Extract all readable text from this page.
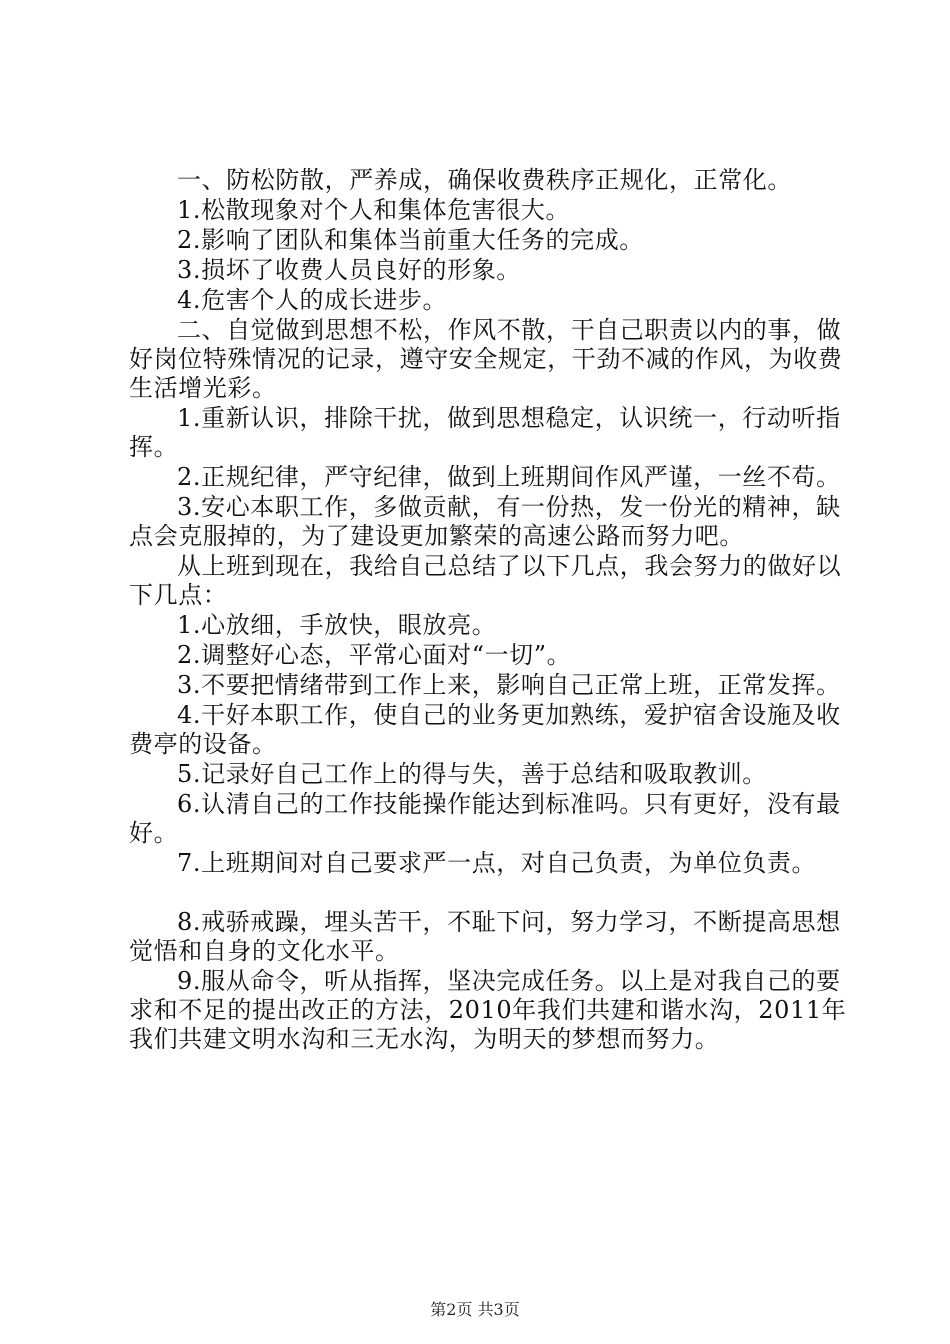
一、防松防散，严养成，确保收费秩序正规化，正常化。

1.松散现象对个人和集体危害很大。

2.影响了团队和集体当前重大任务的完成。

3.损坏了收费人员良好的形象。

4.危害个人的成长进步。

二、自觉做到思想不松，作风不散，干自己职责以内的事，做好岗位特殊情况的记录，遵守安全规定，干劲不减的作风，为收费生活增光彩。

1.重新认识，排除干扰，做到思想稳定，认识统一，行动听指挥。

2.正规纪律，严守纪律，做到上班期间作风严谨，一丝不苟。

3.安心本职工作，多做贡献，有一份热，发一份光的精神，缺点会克服掉的，为了建设更加繁荣的高速公路而努力吧。

从上班到现在，我给自己总结了以下几点，我会努力的做好以下几点：

1.心放细，手放快，眼放亮。

2.调整好心态，平常心面对“一切”。

3.不要把情绪带到工作上来，影响自己正常上班，正常发挥。

4.干好本职工作，使自己的业务更加熟练，爱护宿舍设施及收费亭的设备。

5.记录好自己工作上的得与失，善于总结和吸取教训。

6.认清自己的工作技能操作能达到标准吗。只有更好，没有最好。

7.上班期间对自己要求严一点，对自己负责，为单位负责。

8.戒骄戒躁，埋头苦干，不耻下问，努力学习，不断提高思想觉悟和自身的文化水平。

9.服从命令，听从指挥，坚决完成任务。以上是对我自己的要求和不足的提出改正的方法，2010年我们共建和谐水沟，2011年我们共建文明水沟和三无水沟，为明天的梦想而努力。

第2页 共3页
